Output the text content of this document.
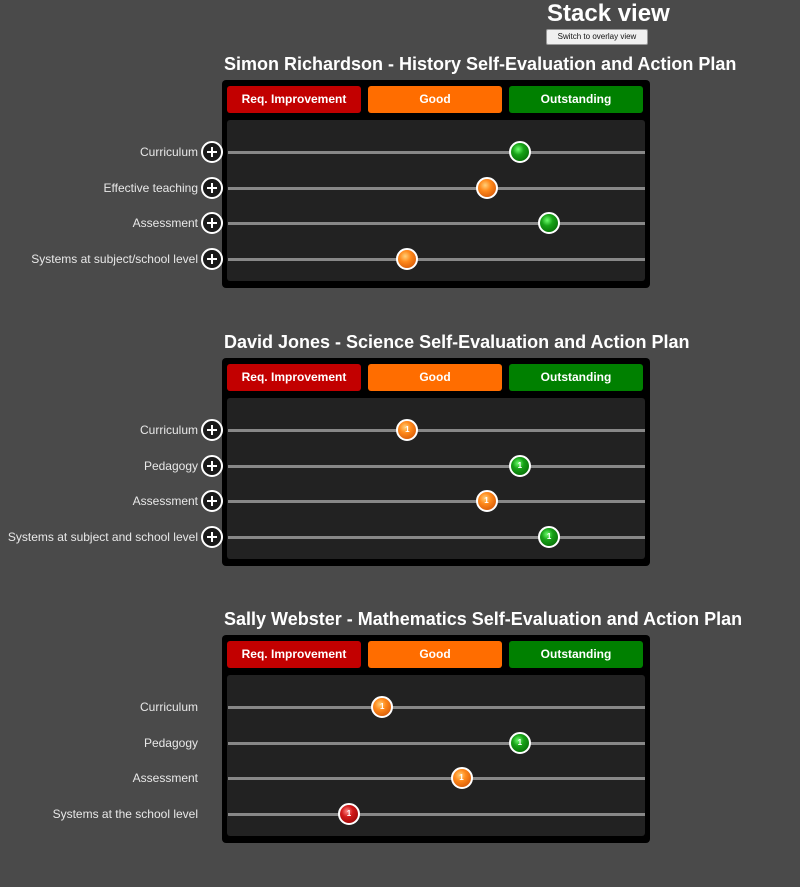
Stack view
Switch to overlay view
Simon Richardson - History Self-Evaluation and Action Plan
Req. Improvement	Good	Outstanding
Curriculum
Effective teaching
Assessment
Systems at subject/school level
David Jones - Science Self-Evaluation and Action Plan
Req. Improvement	Good	Outstanding
Curriculum	1
Pedagogy	1
Assessment	1
Systems at subject and school level	1
Sally Webster - Mathematics Self-Evaluation and Action Plan
Req. Improvement	Good	Outstanding
Curriculum	1
Pedagogy	1
Assessment	1
Systems at the school level	1
